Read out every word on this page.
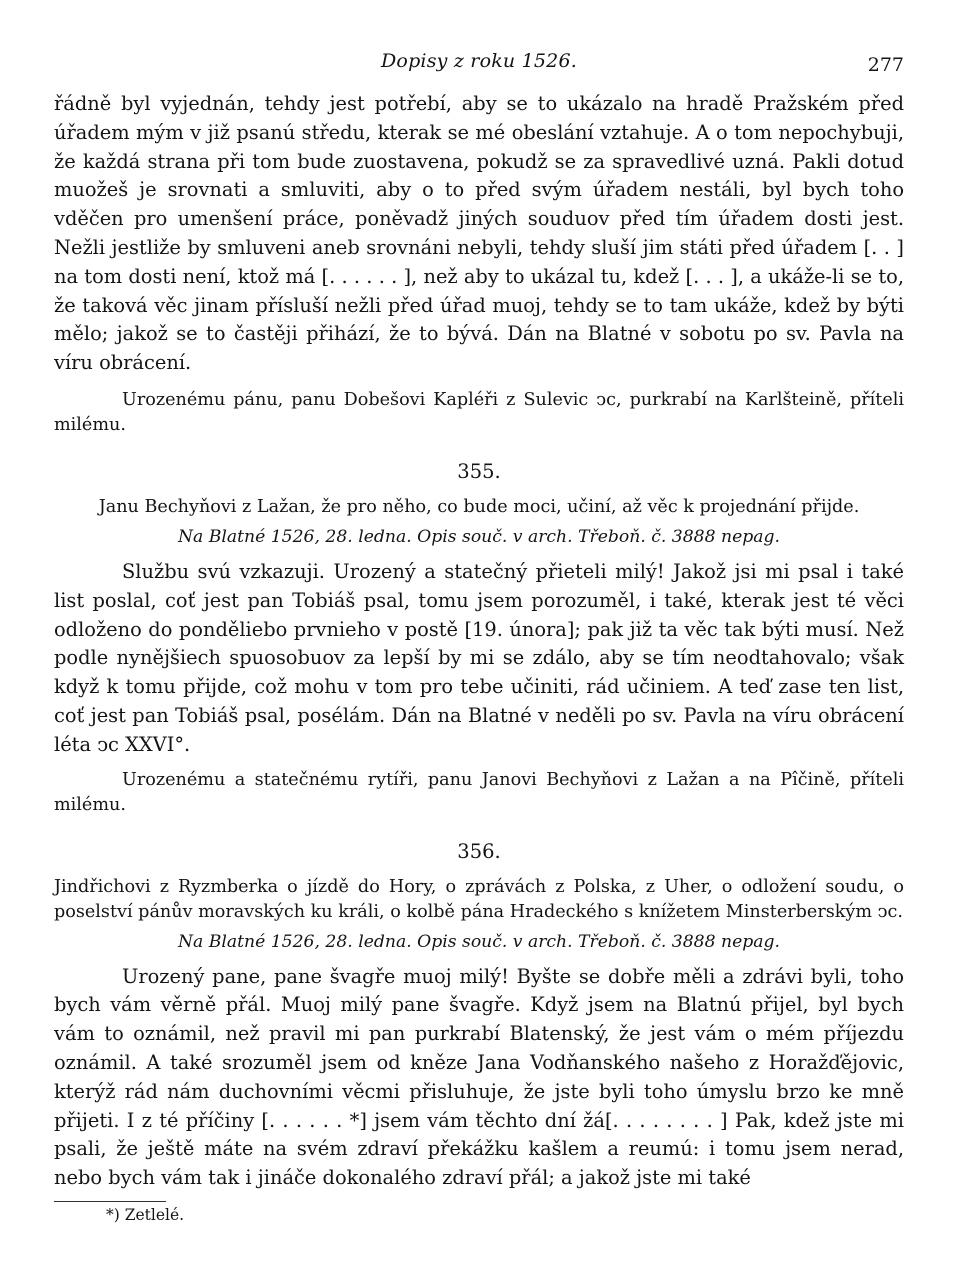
Dopisy z roku 1526.	277

řádně byl vyjednán, tehdy jest potřebí, aby se to ukázalo na hradě Pražském před úřadem mým v již psanú středu, kterak se mé obeslání vztahuje. A o tom nepochybuji, že každá strana při tom bude zuostavena, pokudž se za spravedlivé uzná. Pakli dotud muožeš je srovnati a smluviti, aby o to před svým úřadem nestáli, byl bych toho vděčen pro umenšení práce, poněvadž jiných souduov před tím úřadem dosti jest. Nežli jestliže by smluveni aneb srovnáni nebyli, tehdy sluší jim státi před úřadem [. . ] na tom dosti není, ktož má [. . . . . . ], než aby to ukázal tu, kdež [. . . ], a ukáže-li se to, že taková věc jinam přísluší nežli před úřad muoj, tehdy se to tam ukáže, kdež by býti mělo; jakož se to častěji přihází, že to bývá. Dán na Blatné v sobotu po sv. Pavla na víru obrácení.

Urozenému pánu, panu Dobešovi Kapléři z Sulevic ͻc, purkrabí na Karlšteině, příteli milému.

355.

Janu Bechyňovi z Lažan, že pro něho, co bude moci, učiní, až věc k projednání přijde.

Na Blatné 1526, 28. ledna. Opis souč. v arch. Třeboň. č. 3888 nepag.

Službu svú vzkazuji. Urozený a statečný přieteli milý! Jakož jsi mi psal i také list poslal, coť jest pan Tobiáš psal, tomu jsem porozuměl, i také, kterak jest té věci odloženo do ponděliebo prvnieho v postě [19. února]; pak již ta věc tak býti musí. Než podle nynějšiech spuosobuov za lepší by mi se zdálo, aby se tím neodtahovalo; však když k tomu přijde, což mohu v tom pro tebe učiniti, rád učiniem. A teď zase ten list, coť jest pan Tobiáš psal, posélám. Dán na Blatné v neděli po sv. Pavla na víru obrácení léta ͻc XXVI°.

Urozenému a statečnému rytíři, panu Janovi Bechyňovi z Lažan a na Pîčině, příteli milému.

356.

Jindřichovi z Ryzmberka o jízdě do Hory, o zprávách z Polska, z Uher, o odložení soudu, o poselství pánův moravských ku králi, o kolbě pána Hradeckého s knížetem Minsterberským ͻc.

Na Blatné 1526, 28. ledna. Opis souč. v arch. Třeboň. č. 3888 nepag.

Urozený pane, pane švagře muoj milý! Byšte se dobře měli a zdrávi byli, toho bych vám věrně přál. Muoj milý pane švagře. Když jsem na Blatnú přijel, byl bych vám to oznámil, než pravil mi pan purkrabí Blatenský, že jest vám o mém příjezdu oznámil. A také srozuměl jsem od kněze Jana Vodňanského našeho z Horažďějovic, kterýž rád nám duchovními věcmi přisluhuje, že jste byli toho úmyslu brzo ke mně přijeti. I z té příčiny [. . . . . . *] jsem vám těchto dní žá[. . . . . . . . ] Pak, kdež jste mi psali, že ještě máte na svém zdraví překážku kašlem a reumú: i tomu jsem nerad, nebo bych vám tak i jináče dokonalého zdraví přál; a jakož jste mi také

*) Zetlelé.
